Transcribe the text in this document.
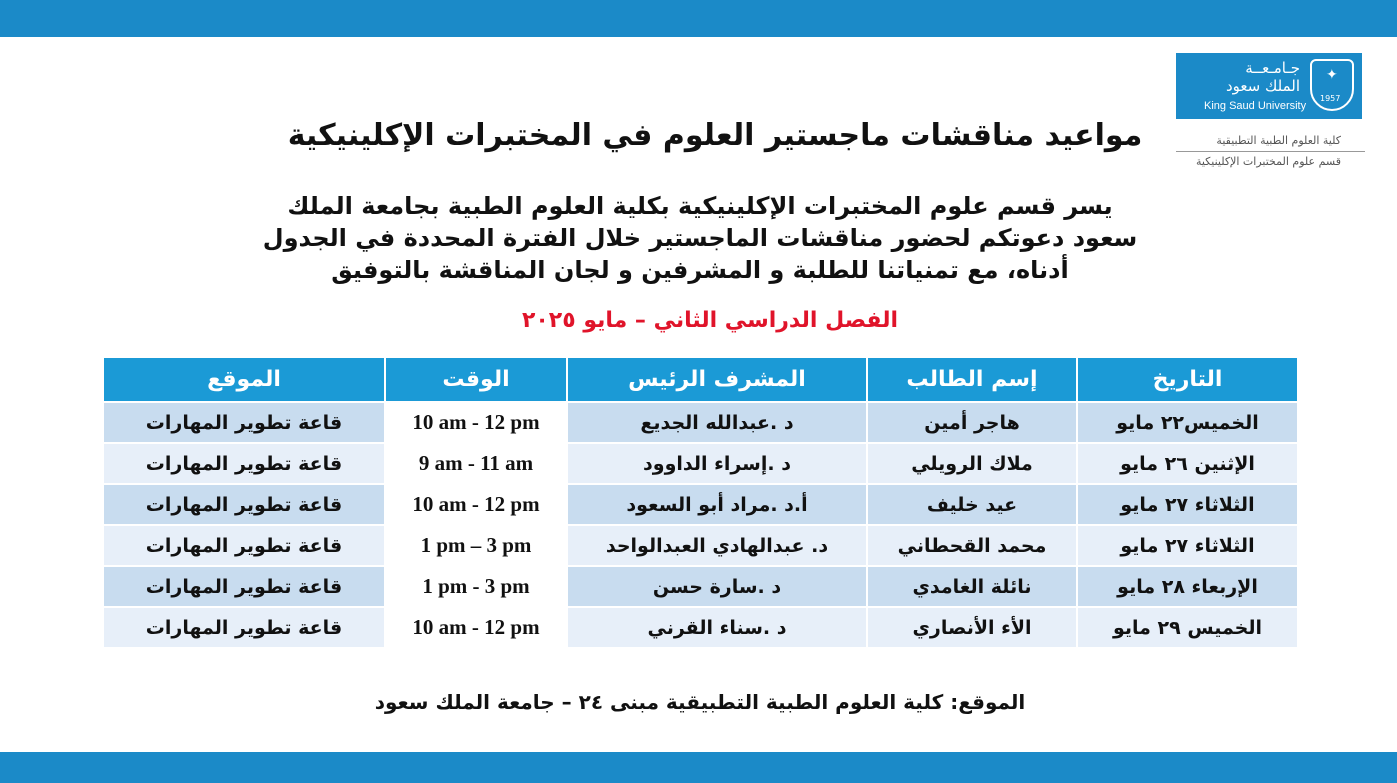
جـامـعــة
الملك سعود
King Saud University
✦
1957
كلية العلوم الطبية التطبيقية
قسم علوم المختبرات الإكلينيكية
مواعيد مناقشات ماجستير العلوم في المختبرات الإكلينيكية
يسر قسم علوم المختبرات الإكلينيكية بكلية العلوم الطبية بجامعة الملك
سعود دعوتكم لحضور مناقشات الماجستير خلال الفترة المحددة في الجدول
أدناه، مع تمنياتنا للطلبة و المشرفين و لجان المناقشة بالتوفيق
الفصل الدراسي الثاني – مايو ٢٠٢٥
التاريخ	إسم الطالب	المشرف الرئيس	الوقت	الموقع
الخميس٢٢ مايو	هاجر أمين	د .عبدالله الجديع	10 am - 12 pm	قاعة تطوير المهارات
الإثنين ٢٦ مايو	ملاك الرويلي	د .إسراء الداوود	9 am - 11 am	قاعة تطوير المهارات
الثلاثاء ٢٧ مايو	عيد خليف	أ.د .مراد أبو السعود	10 am - 12 pm	قاعة تطوير المهارات
الثلاثاء ٢٧ مايو	محمد القحطاني	د. عبدالهادي العبدالواحد	1 pm – 3 pm	قاعة تطوير المهارات
الإربعاء ٢٨ مايو	نائلة الغامدي	د .سارة حسن	1 pm - 3 pm	قاعة تطوير المهارات
الخميس ٢٩ مايو	الأء الأنصاري	د .سناء القرني	10 am - 12 pm	قاعة تطوير المهارات
الموقع: كلية العلوم الطبية التطبيقية مبنى ٢٤ – جامعة الملك سعود
